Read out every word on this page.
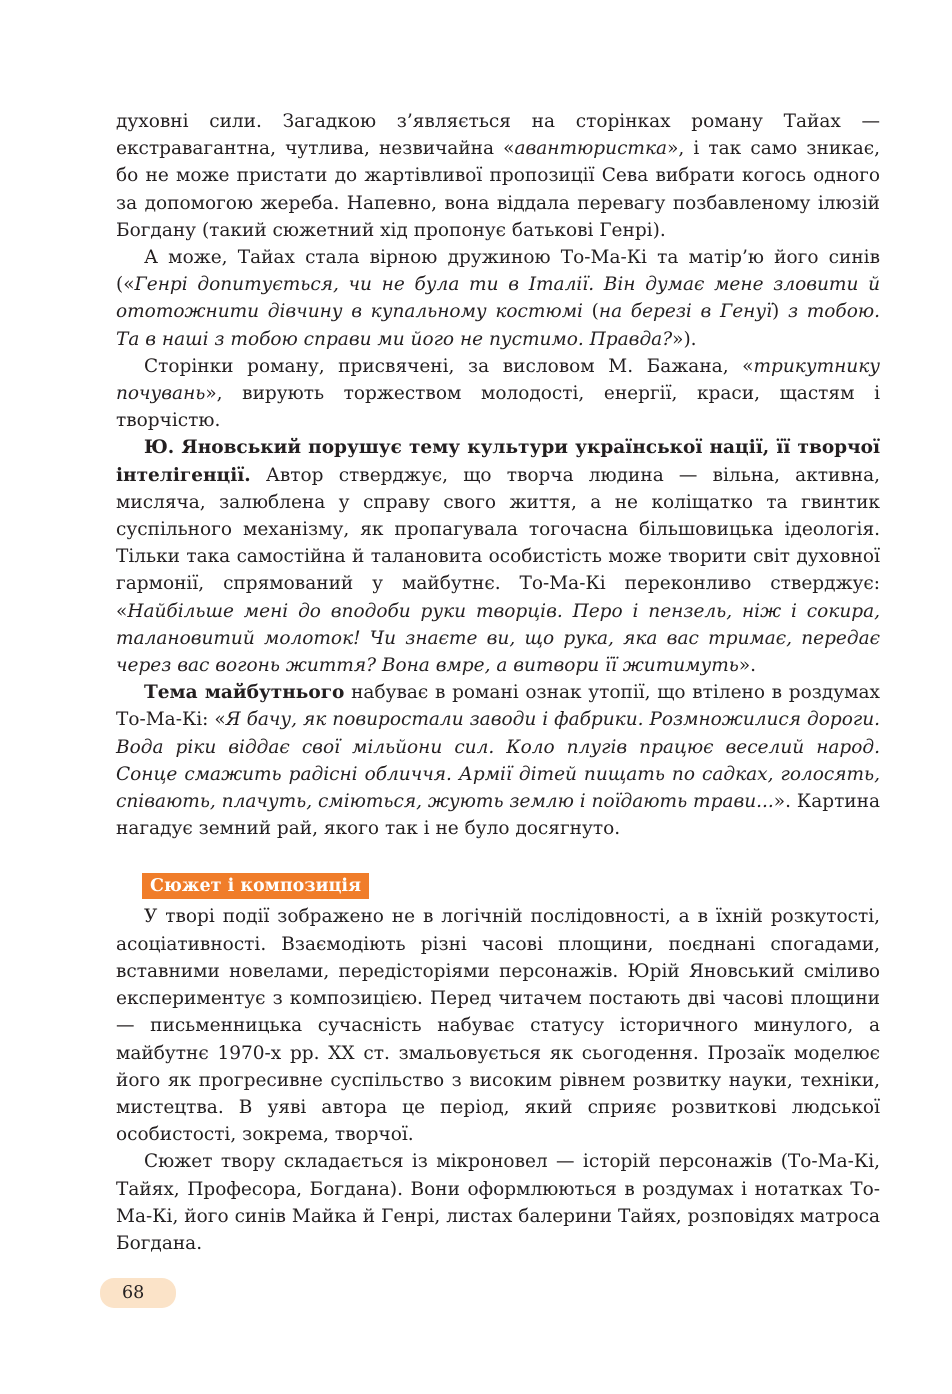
духовні сили. Загадкою з’являється на сторінках роману Тайах — екстравагантна, чутлива, незвичайна «авантюристка», і так само зникає, бо не може пристати до жартівливої пропозиції Сева вибрати когось одного за допомогою жереба. Напевно, вона віддала перевагу позбавленому ілюзій Богдану (такий сюжетний хід пропонує батькові Генрі).

А може, Тайах стала вірною дружиною То-Ма-Кі та матір’ю його синів («Генрі допитується, чи не була ти в Італії. Він думає мене зловити й ототожнити дівчину в купальному костюмі (на березі в Генуї) з тобою. Та в наші з тобою справи ми його не пустимо. Правда?»).

Сторінки роману, присвячені, за висловом М. Бажана, «трикутнику почувань», вирують торжеством молодості, енергії, краси, щастям і творчістю.

Ю. Яновський порушує тему культури української нації, її творчої інтелігенції. Автор стверджує, що творча людина — вільна, активна, мисляча, залюблена у справу свого життя, а не коліщатко та гвинтик суспільного механізму, як пропагувала тогочасна більшовицька ідеологія. Тільки така самостійна й талановита особистість може творити світ духовної гармонії, спрямований у майбутнє. То-Ма-Кі переконливо стверджує: «Найбільше мені до вподоби руки творців. Перо і пензель, ніж і сокира, талановитий молоток! Чи знаєте ви, що рука, яка вас тримає, передає через вас вогонь життя? Вона вмре, а витвори її житимуть».

Тема майбутнього набуває в романі ознак утопії, що втілено в роздумах То-Ма-Кі: «Я бачу, як повиростали заводи і фабрики. Розмножилися дороги. Вода ріки віддає свої мільйони сил. Коло плугів працює веселий народ. Сонце смажить радісні обличчя. Армії дітей пищать по садках, голосять, співають, плачуть, сміються, жують землю і поїдають трави...». Картина нагадує земний рай, якого так і не було досягнуто.

Сюжет і композиція

У творі події зображено не в логічній послідовності, а в їхній розкутості, асоціативності. Взаємодіють різні часові площини, поєднані спогадами, вставними новелами, передісторіями персонажів. Юрій Яновський сміливо експериментує з композицією. Перед читачем постають дві часові площини — письменницька сучасність набуває статусу історичного минулого, а майбутнє 1970-х рр. XX ст. змальовується як сьогодення. Прозаїк моделює його як прогресивне суспільство з високим рівнем розвитку науки, техніки, мистецтва. В уяві автора це період, який сприяє розвиткові людської особистості, зокрема, творчої.

Сюжет твору складається із мікроновел — історій персонажів (То-Ма-Кі, Тайях, Професора, Богдана). Вони оформлюються в роздумах і нотатках То-Ма-Кі, його синів Майка й Генрі, листах балерини Тайях, розповідях матроса Богдана.

68
